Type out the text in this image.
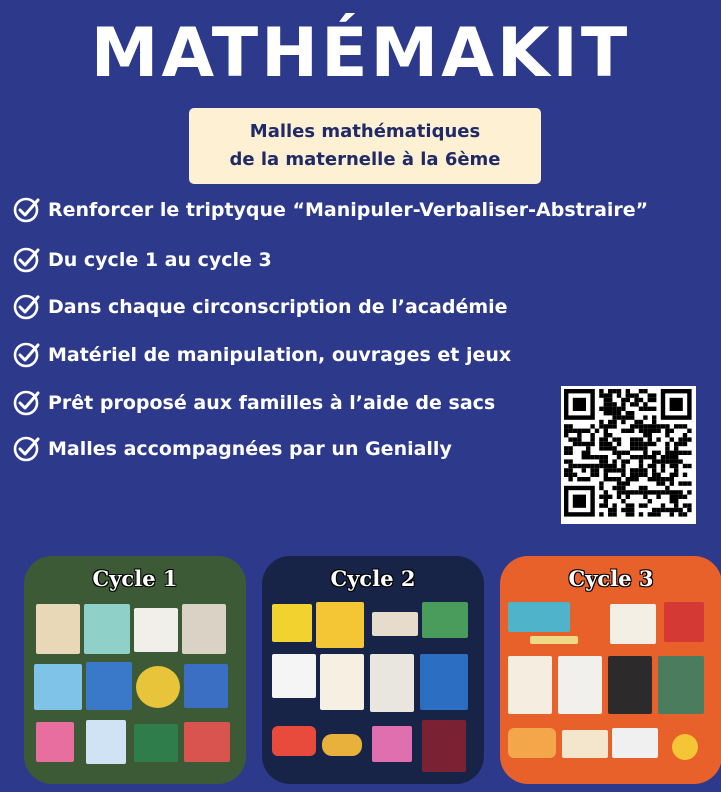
MATHÉMAKIT
Malles mathématiques
de la maternelle à la 6ème
Renforcer le triptyque “Manipuler-Verbaliser-Abstraire”
Du cycle 1 au cycle 3
Dans chaque circonscription de l’académie
Matériel de manipulation, ouvrages et jeux
Prêt proposé aux familles à l’aide de sacs
Malles accompagnées par un Genially
Cycle 1	Cycle 2	Cycle 3
